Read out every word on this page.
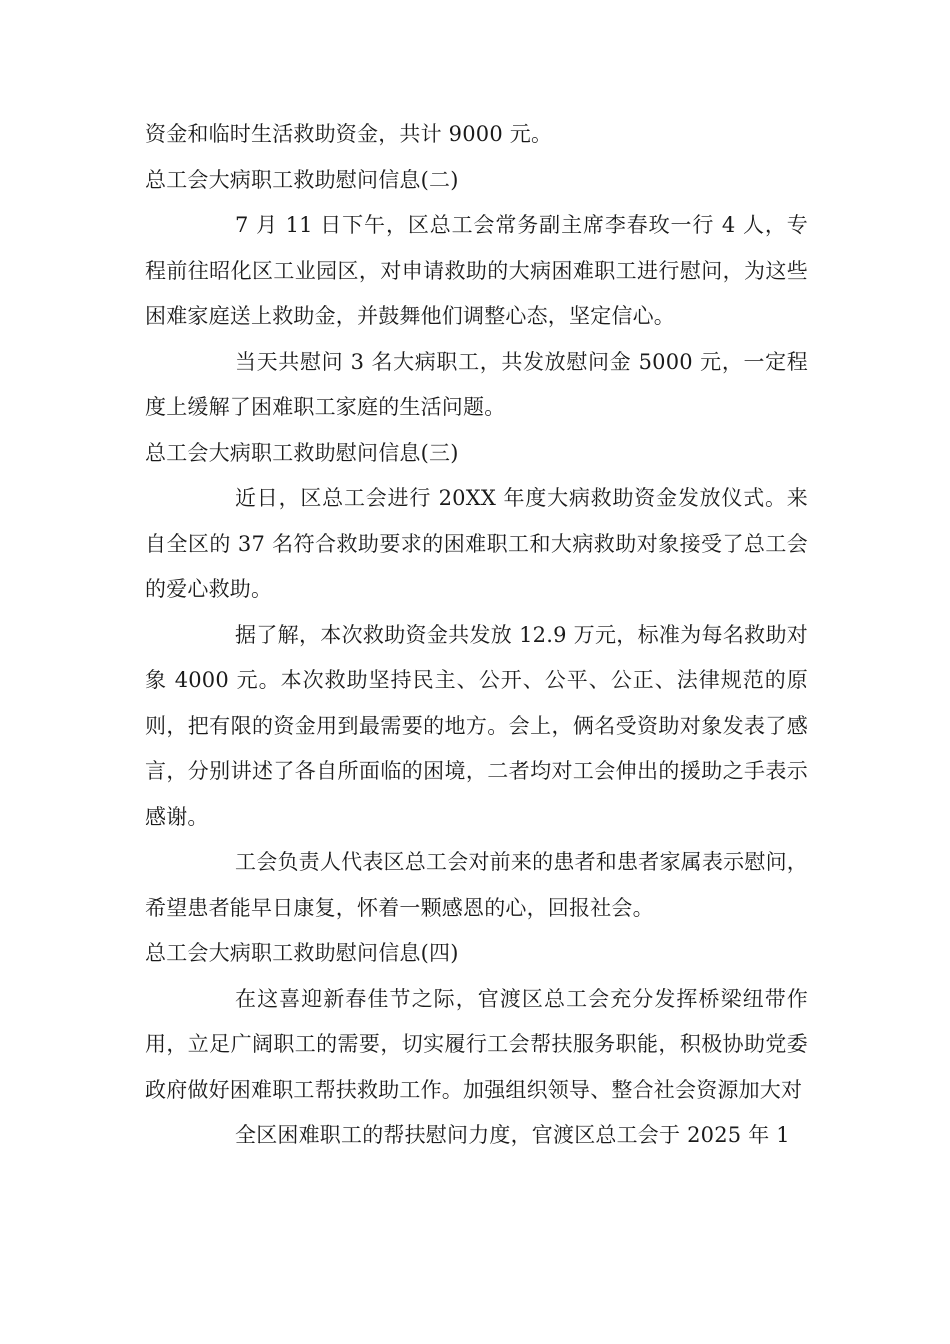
资金和临时生活救助资金，共计 9000 元。

总工会大病职工救助慰问信息(二)

7 月 11 日下午，区总工会常务副主席李春玫一行 4 人，专程前往昭化区工业园区，对申请救助的大病困难职工进行慰问，为这些困难家庭送上救助金，并鼓舞他们调整心态，坚定信心。

当天共慰问 3 名大病职工，共发放慰问金 5000 元，一定程度上缓解了困难职工家庭的生活问题。

总工会大病职工救助慰问信息(三)

近日，区总工会进行 20XX 年度大病救助资金发放仪式。来自全区的 37 名符合救助要求的困难职工和大病救助对象接受了总工会的爱心救助。

据了解，本次救助资金共发放 12.9 万元，标准为每名救助对象 4000 元。本次救助坚持民主、公开、公平、公正、法律规范的原则，把有限的资金用到最需要的地方。会上，俩名受资助对象发表了感言，分别讲述了各自所面临的困境，二者均对工会伸出的援助之手表示感谢。

工会负责人代表区总工会对前来的患者和患者家属表示慰问，希望患者能早日康复，怀着一颗感恩的心，回报社会。

总工会大病职工救助慰问信息(四)

在这喜迎新春佳节之际，官渡区总工会充分发挥桥梁纽带作用，立足广阔职工的需要，切实履行工会帮扶服务职能，积极协助党委政府做好困难职工帮扶救助工作。加强组织领导、整合社会资源加大对

全区困难职工的帮扶慰问力度，官渡区总工会于 2025 年 1
